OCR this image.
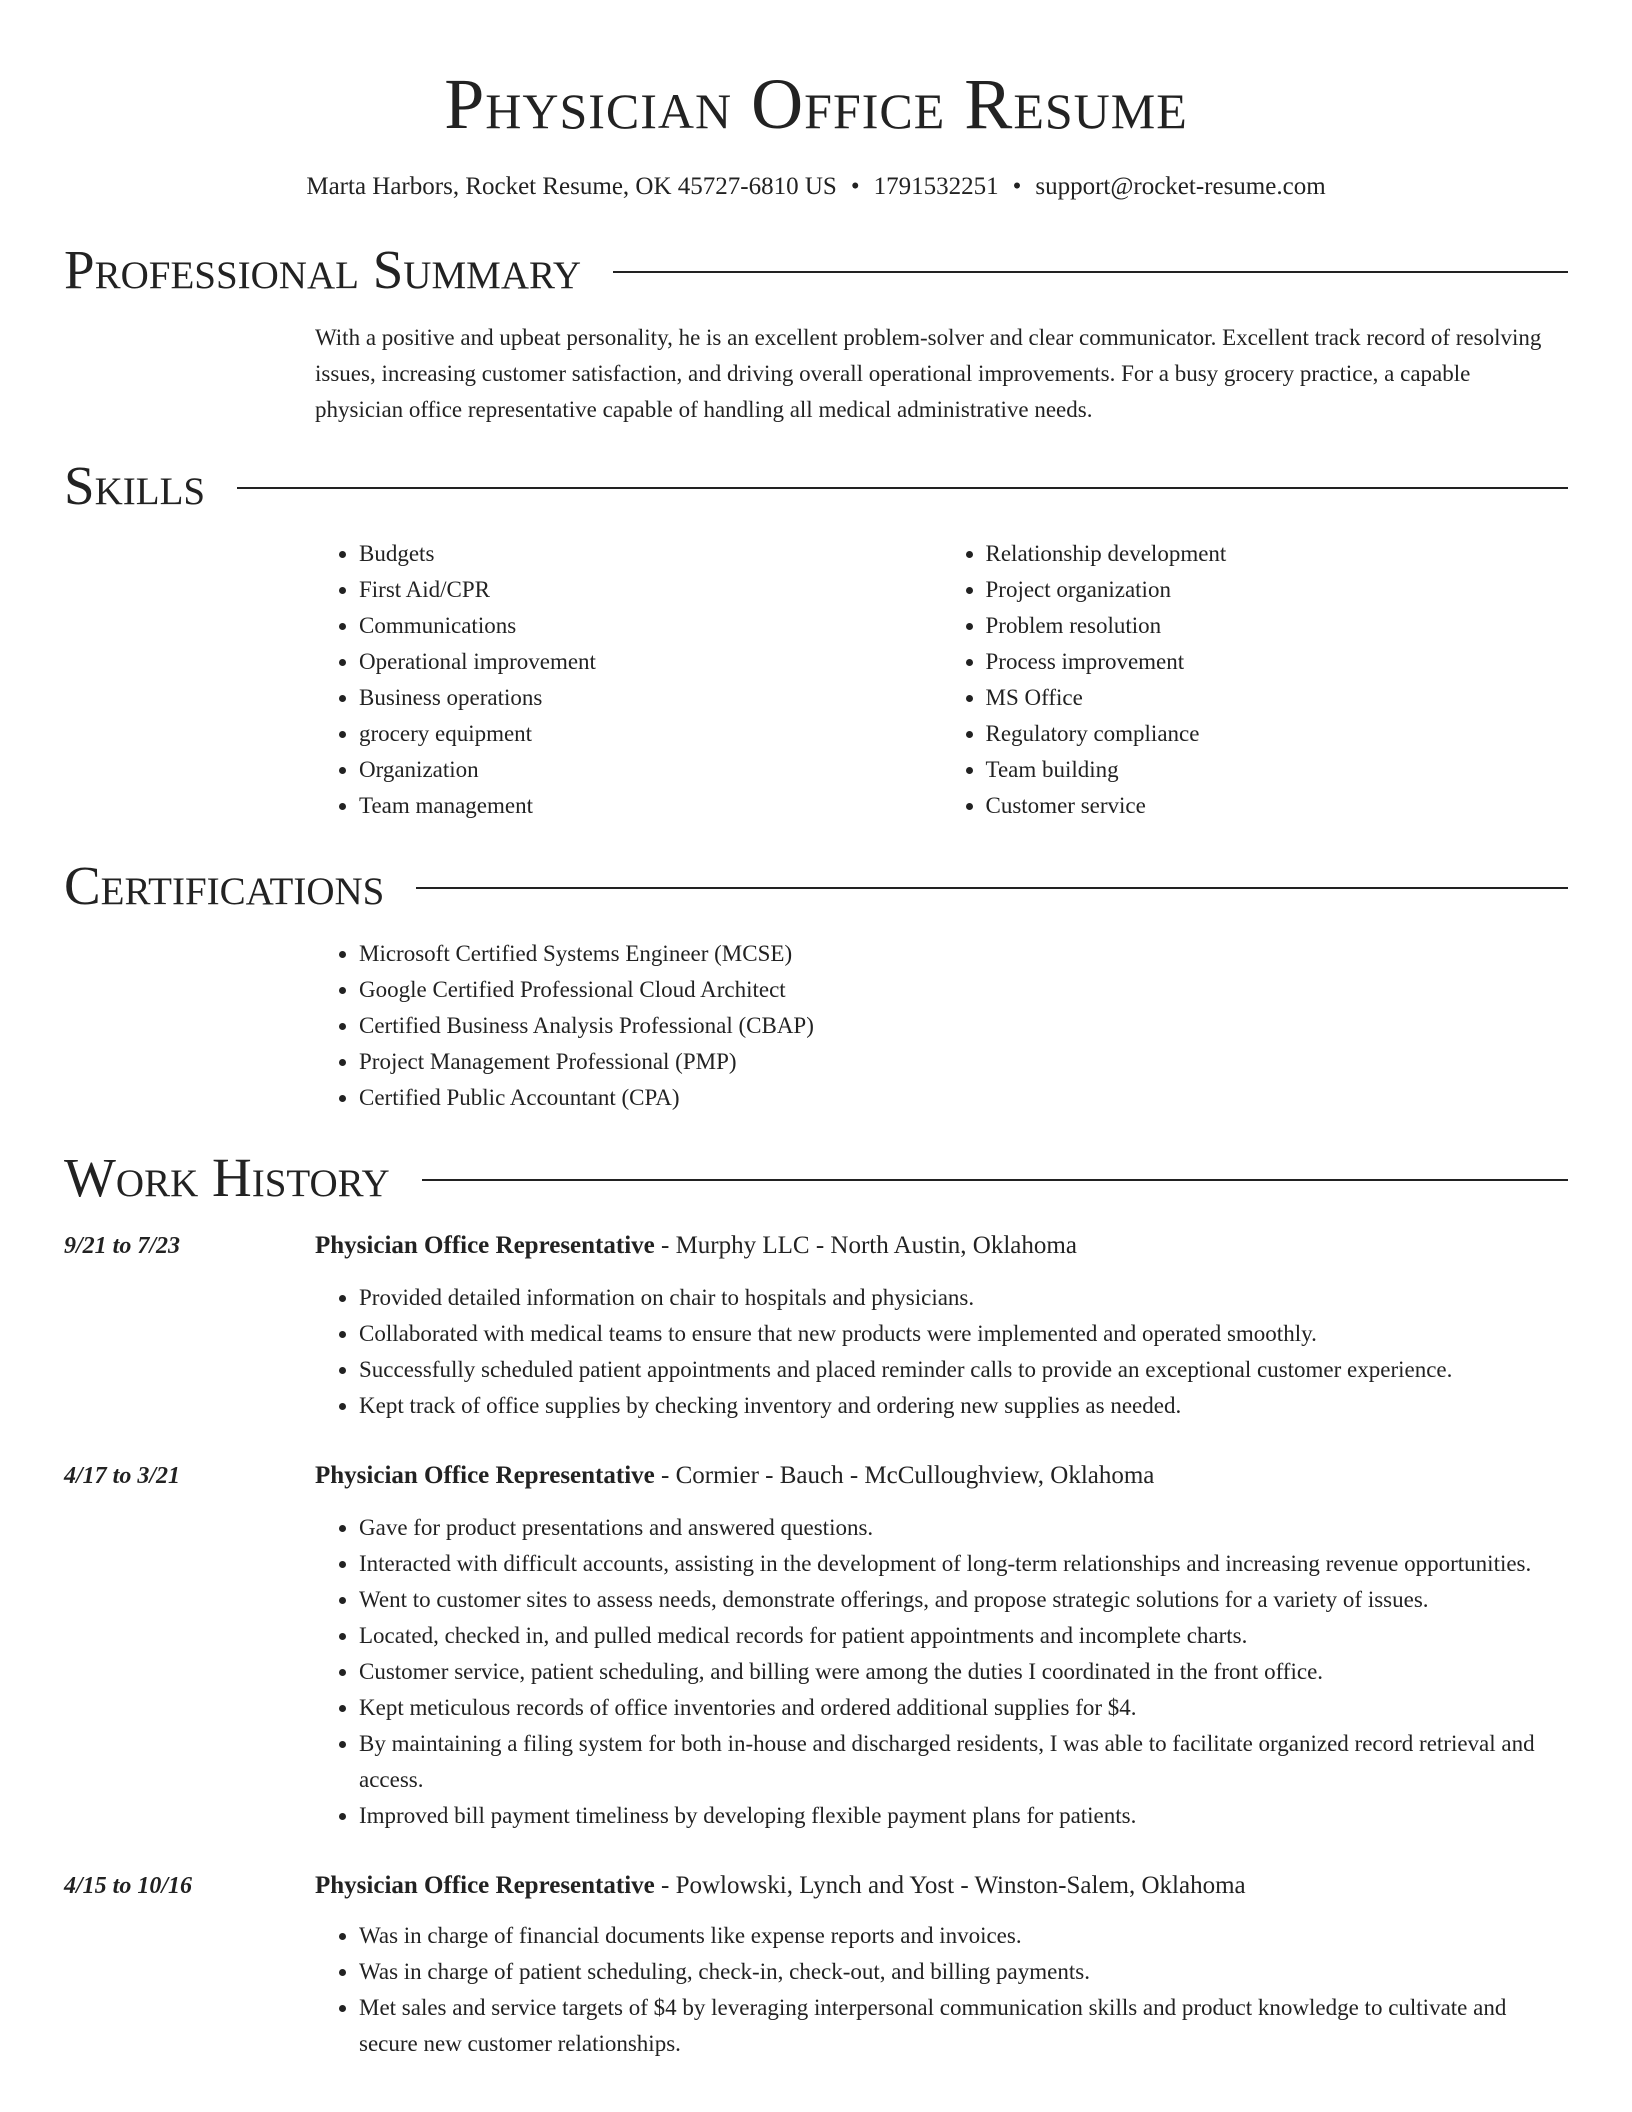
Physician Office Resume
Marta Harbors, Rocket Resume, OK 45727-6810 US • 1791532251 • support@rocket-resume.com
Professional Summary

With a positive and upbeat personality, he is an excellent problem-solver and clear communicator. Excellent track record of resolving issues, increasing customer satisfaction, and driving overall operational improvements. For a busy grocery practice, a capable physician office representative capable of handling all medical administrative needs.

Skills
• Budgets
• First Aid/CPR
• Communications
• Operational improvement
• Business operations
• grocery equipment
• Organization
• Team management
• Relationship development
• Project organization
• Problem resolution
• Process improvement
• MS Office
• Regulatory compliance
• Team building
• Customer service
Certifications
• Microsoft Certified Systems Engineer (MCSE)
• Google Certified Professional Cloud Architect
• Certified Business Analysis Professional (CBAP)
• Project Management Professional (PMP)
• Certified Public Accountant (CPA)
Work History
9/21 to 7/23	Physician Office Representative - Murphy LLC - North Austin, Oklahoma
• Provided detailed information on chair to hospitals and physicians.
• Collaborated with medical teams to ensure that new products were implemented and operated smoothly.
• Successfully scheduled patient appointments and placed reminder calls to provide an exceptional customer experience.
• Kept track of office supplies by checking inventory and ordering new supplies as needed.
4/17 to 3/21	Physician Office Representative - Cormier - Bauch - McCulloughview, Oklahoma
• Gave for product presentations and answered questions.
• Interacted with difficult accounts, assisting in the development of long-term relationships and increasing revenue opportunities.
• Went to customer sites to assess needs, demonstrate offerings, and propose strategic solutions for a variety of issues.
• Located, checked in, and pulled medical records for patient appointments and incomplete charts.
• Customer service, patient scheduling, and billing were among the duties I coordinated in the front office.
• Kept meticulous records of office inventories and ordered additional supplies for $4.
• By maintaining a filing system for both in-house and discharged residents, I was able to facilitate organized record retrieval and access.
• Improved bill payment timeliness by developing flexible payment plans for patients.
4/15 to 10/16	Physician Office Representative - Powlowski, Lynch and Yost - Winston-Salem, Oklahoma
• Was in charge of financial documents like expense reports and invoices.
• Was in charge of patient scheduling, check-in, check-out, and billing payments.
• Met sales and service targets of $4 by leveraging interpersonal communication skills and product knowledge to cultivate and secure new customer relationships.
